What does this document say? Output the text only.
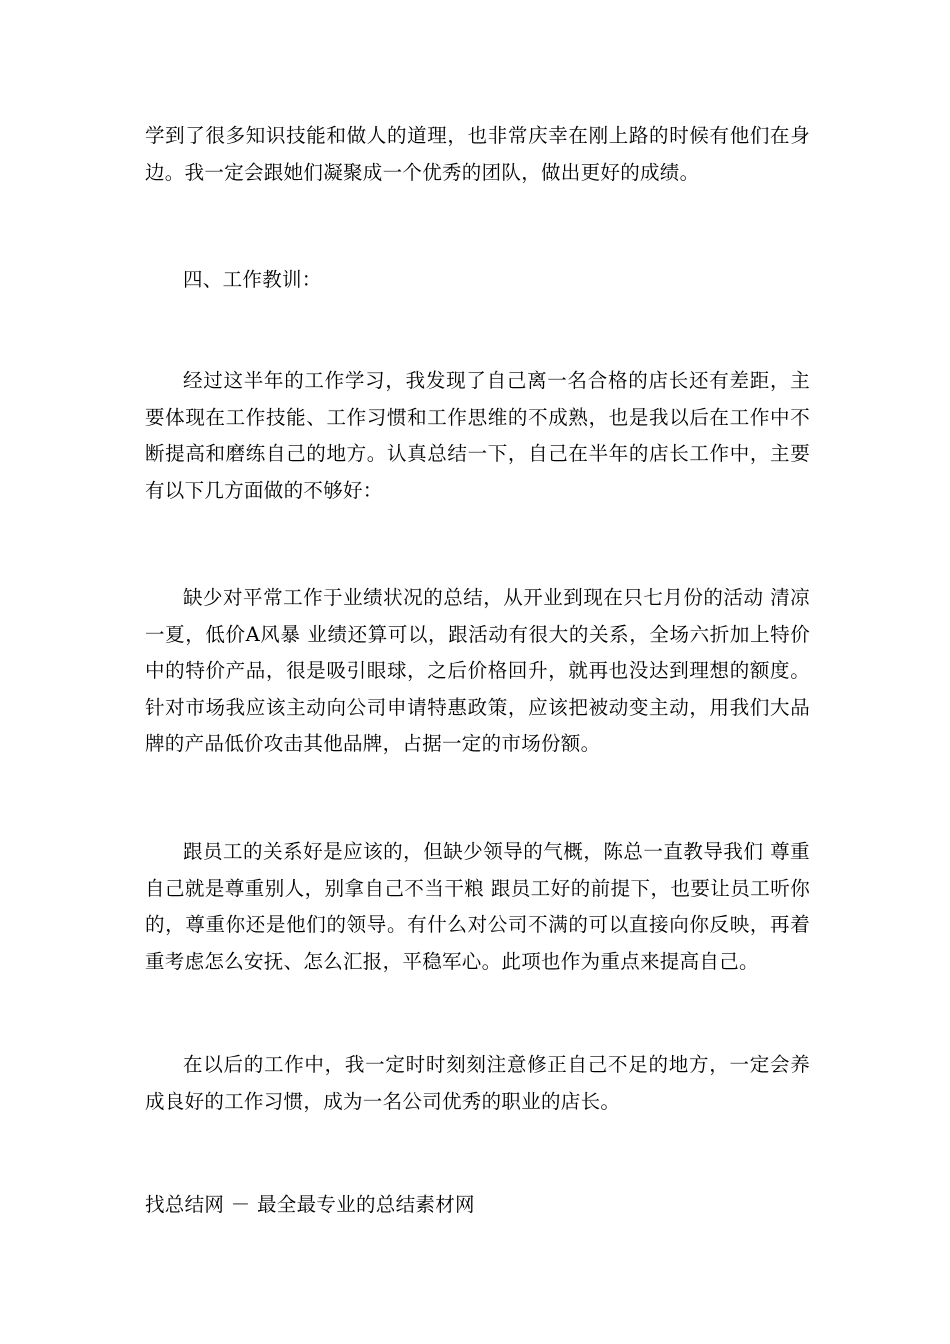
学到了很多知识技能和做人的道理，也非常庆幸在刚上路的时候有他们在身边。我一定会跟她们凝聚成一个优秀的团队，做出更好的成绩。

四、工作教训：

经过这半年的工作学习，我发现了自己离一名合格的店长还有差距，主要体现在工作技能、工作习惯和工作思维的不成熟，也是我以后在工作中不断提高和磨练自己的地方。认真总结一下，自己在半年的店长工作中，主要有以下几方面做的不够好：

缺少对平常工作于业绩状况的总结，从开业到现在只七月份的活动 清凉一夏，低价A风暴 业绩还算可以，跟活动有很大的关系，全场六折加上特价中的特价产品，很是吸引眼球，之后价格回升，就再也没达到理想的额度。针对市场我应该主动向公司申请特惠政策，应该把被动变主动，用我们大品牌的产品低价攻击其他品牌，占据一定的市场份额。

跟员工的关系好是应该的，但缺少领导的气概，陈总一直教导我们 尊重自己就是尊重别人，别拿自己不当干粮 跟员工好的前提下，也要让员工听你的，尊重你还是他们的领导。有什么对公司不满的可以直接向你反映，再着重考虑怎么安抚、怎么汇报，平稳军心。此项也作为重点来提高自己。

在以后的工作中，我一定时时刻刻注意修正自己不足的地方，一定会养成良好的工作习惯，成为一名公司优秀的职业的店长。

找总结网 － 最全最专业的总结素材网
